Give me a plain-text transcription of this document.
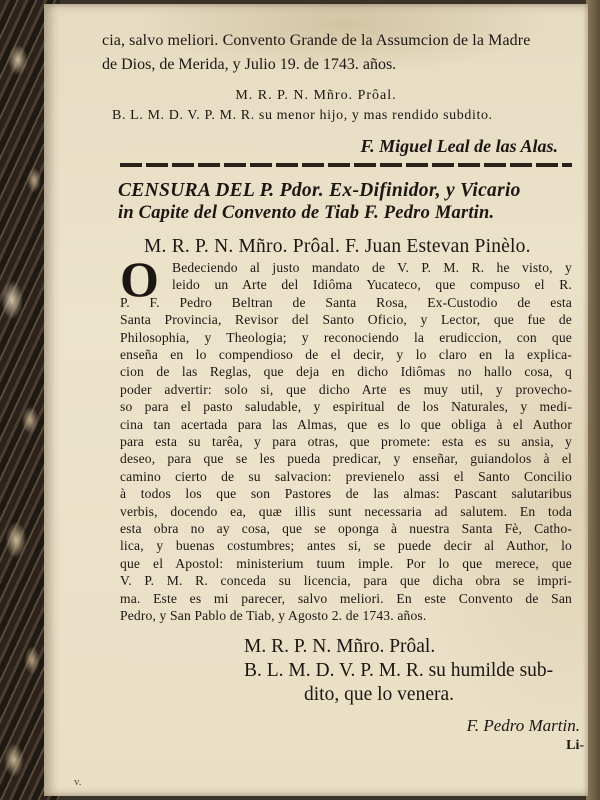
cia, salvo meliori. Convento Grande de la Assumcion de la Madre
de Dios, de Merida, y Julio 19. de 1743. años.
M. R. P. N. Mñro. Prôal.
B. L. M. D. V. P. M. R. su menor hijo, y mas rendido subdito.
F. Miguel Leal de las Alas.
CENSURA DEL P. Pdor. Ex-Difinidor, y Vicario
in Capite del Convento de Tiab F. Pedro Martin.
M. R. P. N. Mñro. Prôal. F. Juan Estevan Pinèlo.
O Bedeciendo al justo mandato de V. P. M. R. he visto, y
leido un Arte del Idiôma Yucateco, que compuso el R.
P. F. Pedro Beltran de Santa Rosa, Ex-Custodio de esta
Santa Provincia, Revisor del Santo Oficio, y Lector, que fue de
Philosophia, y Theologia; y reconociendo la erudiccion, con que
enseña en lo compendioso de el decir, y lo claro en la explica-
cion de las Reglas, que deja en dicho Idiômas no hallo cosa, q
poder advertir: solo si, que dicho Arte es muy util, y provecho-
so para el pasto saludable, y espiritual de los Naturales, y medi-
cina tan acertada para las Almas, que es lo que obliga à el Author
para esta su tarêa, y para otras, que promete: esta es su ansia, y
deseo, para que se les pueda predicar, y enseñar, guiandolos à el
camino cierto de su salvacion: previenelo assi el Santo Concilio
à todos los que son Pastores de las almas: Pascant salutaribus
verbis, docendo ea, quæ illis sunt necessaria ad salutem. En toda
esta obra no ay cosa, que se oponga à nuestra Santa Fè, Catho-
lica, y buenas costumbres; antes si, se puede decir al Author, lo
que el Apostol: ministerium tuum imple. Por lo que merece, que
V. P. M. R. conceda su licencia, para que dicha obra se impri-
ma. Este es mi parecer, salvo meliori. En este Convento de San
Pedro, y San Pablo de Tiab, y Agosto 2. de 1743. años.
M. R. P. N. Mñro. Prôal.
B. L. M. D. V. P. M. R. su humilde sub-
dito, que lo venera.
F. Pedro Martin.
Li-
v.
